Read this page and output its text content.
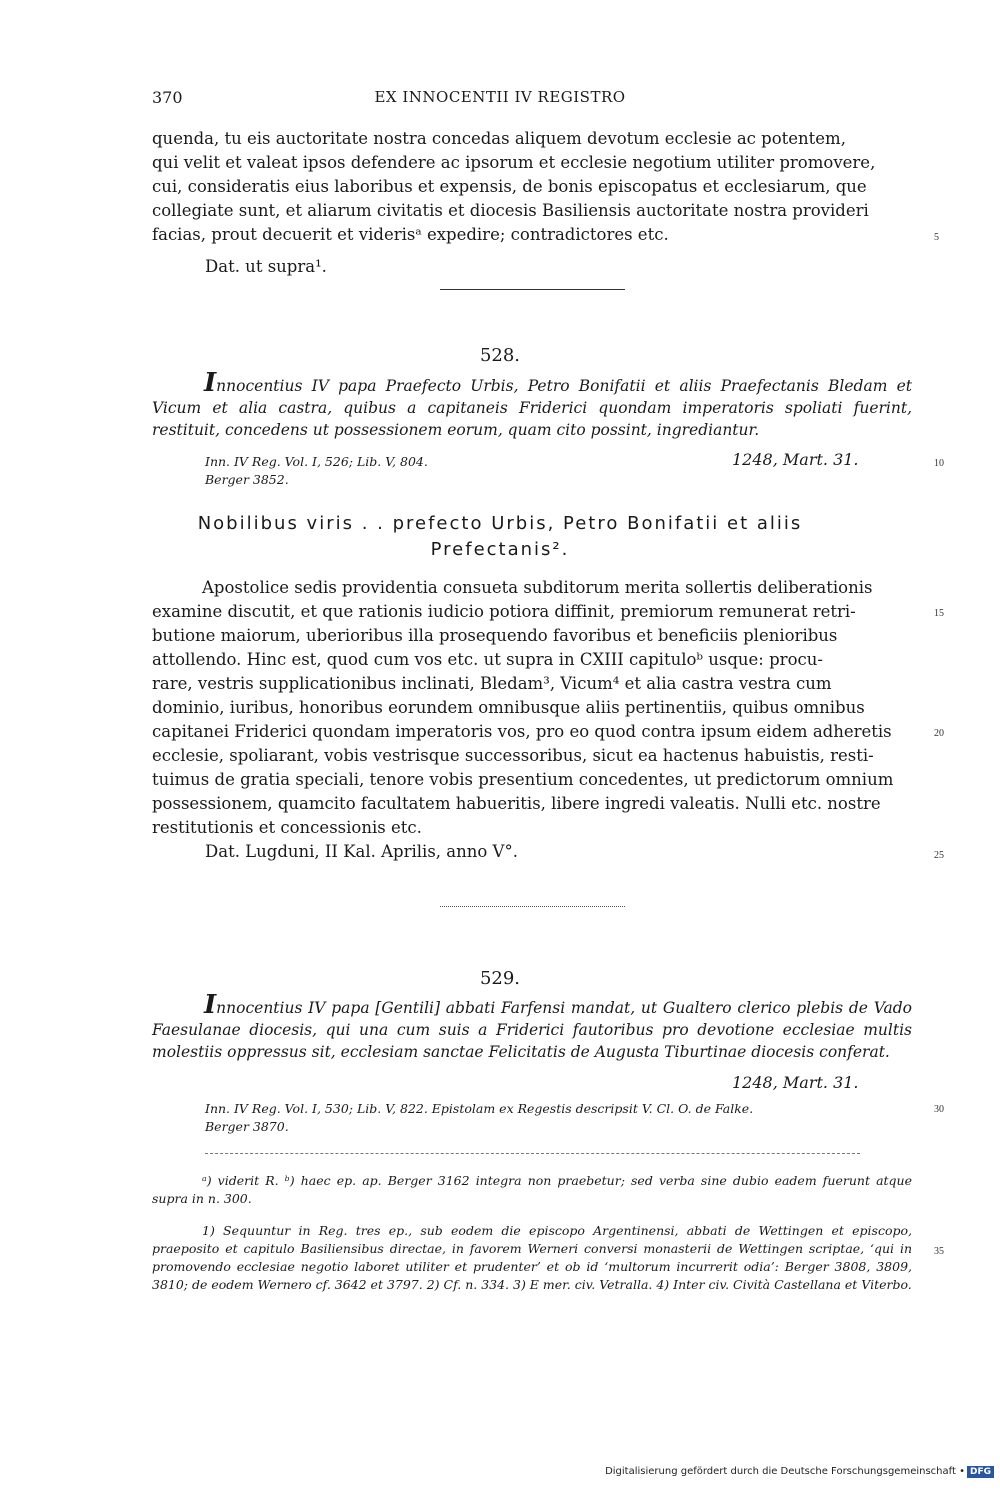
370	EX INNOCENTII IV REGISTRO
quenda, tu eis auctoritate nostra concedas aliquem devotum ecclesie ac potentem,
qui velit et valeat ipsos defendere ac ipsorum et ecclesie negotium utiliter promovere,
cui, consideratis eius laboribus et expensis, de bonis episcopatus et ecclesiarum, que
collegiate sunt, et aliarum civitatis et diocesis Basiliensis auctoritate nostra provideri
facias, prout decuerit et viderisᵃ expedire; contradictores etc.	5
Dat. ut supra¹.
528.

Innocentius IV papa Praefecto Urbis, Petro Bonifatii et aliis Praefectanis Bledam et Vicum et alia castra, quibus a capitaneis Friderici quondam imperatoris spoliati fuerint, restituit, concedens ut possessionem eorum, quam cito possint, ingrediantur.

Inn. IV Reg. Vol. I, 526; Lib. V, 804.	1248, Mart. 31.	10
Berger 3852.
Nobilibus viris . . prefecto Urbis, Petro Bonifatii et aliis
Prefectanis².
Apostolice sedis providentia consueta subditorum merita sollertis deliberationis
examine discutit, et que rationis iudicio potiora diffinit, premiorum remunerat retri-
butione maiorum, uberioribus illa prosequendo favoribus et beneficiis plenioribus
attollendo. Hinc est, quod cum vos etc. ut supra in CXIII capituloᵇ usque: procu-
rare, vestris supplicationibus inclinati, Bledam³, Vicum⁴ et alia castra vestra cum
dominio, iuribus, honoribus eorundem omnibusque aliis pertinentiis, quibus omnibus
capitanei Friderici quondam imperatoris vos, pro eo quod contra ipsum eidem adheretis
ecclesie, spoliarant, vobis vestrisque successoribus, sicut ea hactenus habuistis, resti-
tuimus de gratia speciali, tenore vobis presentium concedentes, ut predictorum omnium
possessionem, quamcito facultatem habueritis, libere ingredi valeatis. Nulli etc. nostre
restitutionis et concessionis etc.
15
20
Dat. Lugduni, II Kal. Aprilis, anno V°.	25
529.

Innocentius IV papa [Gentili] abbati Farfensi mandat, ut Gualtero clerico plebis de Vado Faesulanae diocesis, qui una cum suis a Friderici fautoribus pro devotione ecclesiae multis molestiis oppressus sit, ecclesiam sanctae Felicitatis de Augusta Tiburtinae diocesis conferat.

1248, Mart. 31.
Inn. IV Reg. Vol. I, 530; Lib. V, 822. Epistolam ex Regestis descripsit V. Cl. O. de Falke.	30
Berger 3870.

ᵃ) viderit R. ᵇ) haec ep. ap. Berger 3162 integra non praebetur; sed verba sine dubio eadem fuerunt atque supra in n. 300.

1) Sequuntur in Reg. tres ep., sub eodem die episcopo Argentinensi, abbati de Wettingen et episcopo, praeposito et capitulo Basiliensibus directae, in favorem Werneri conversi monasterii de Wettingen scriptae, ‘qui in promovendo ecclesiae negotio laboret utiliter et prudenter’ et ob id ‘multorum incurrerit odia’: Berger 3808, 3809, 3810; de eodem Wernero cf. 3642 et 3797. 2) Cf. n. 334. 3) E mer. civ. Vetralla. 4) Inter civ. Cività Castellana et Viterbo.

35
Digitalisierung gefördert durch die Deutsche Forschungsgemeinschaft • DFG
